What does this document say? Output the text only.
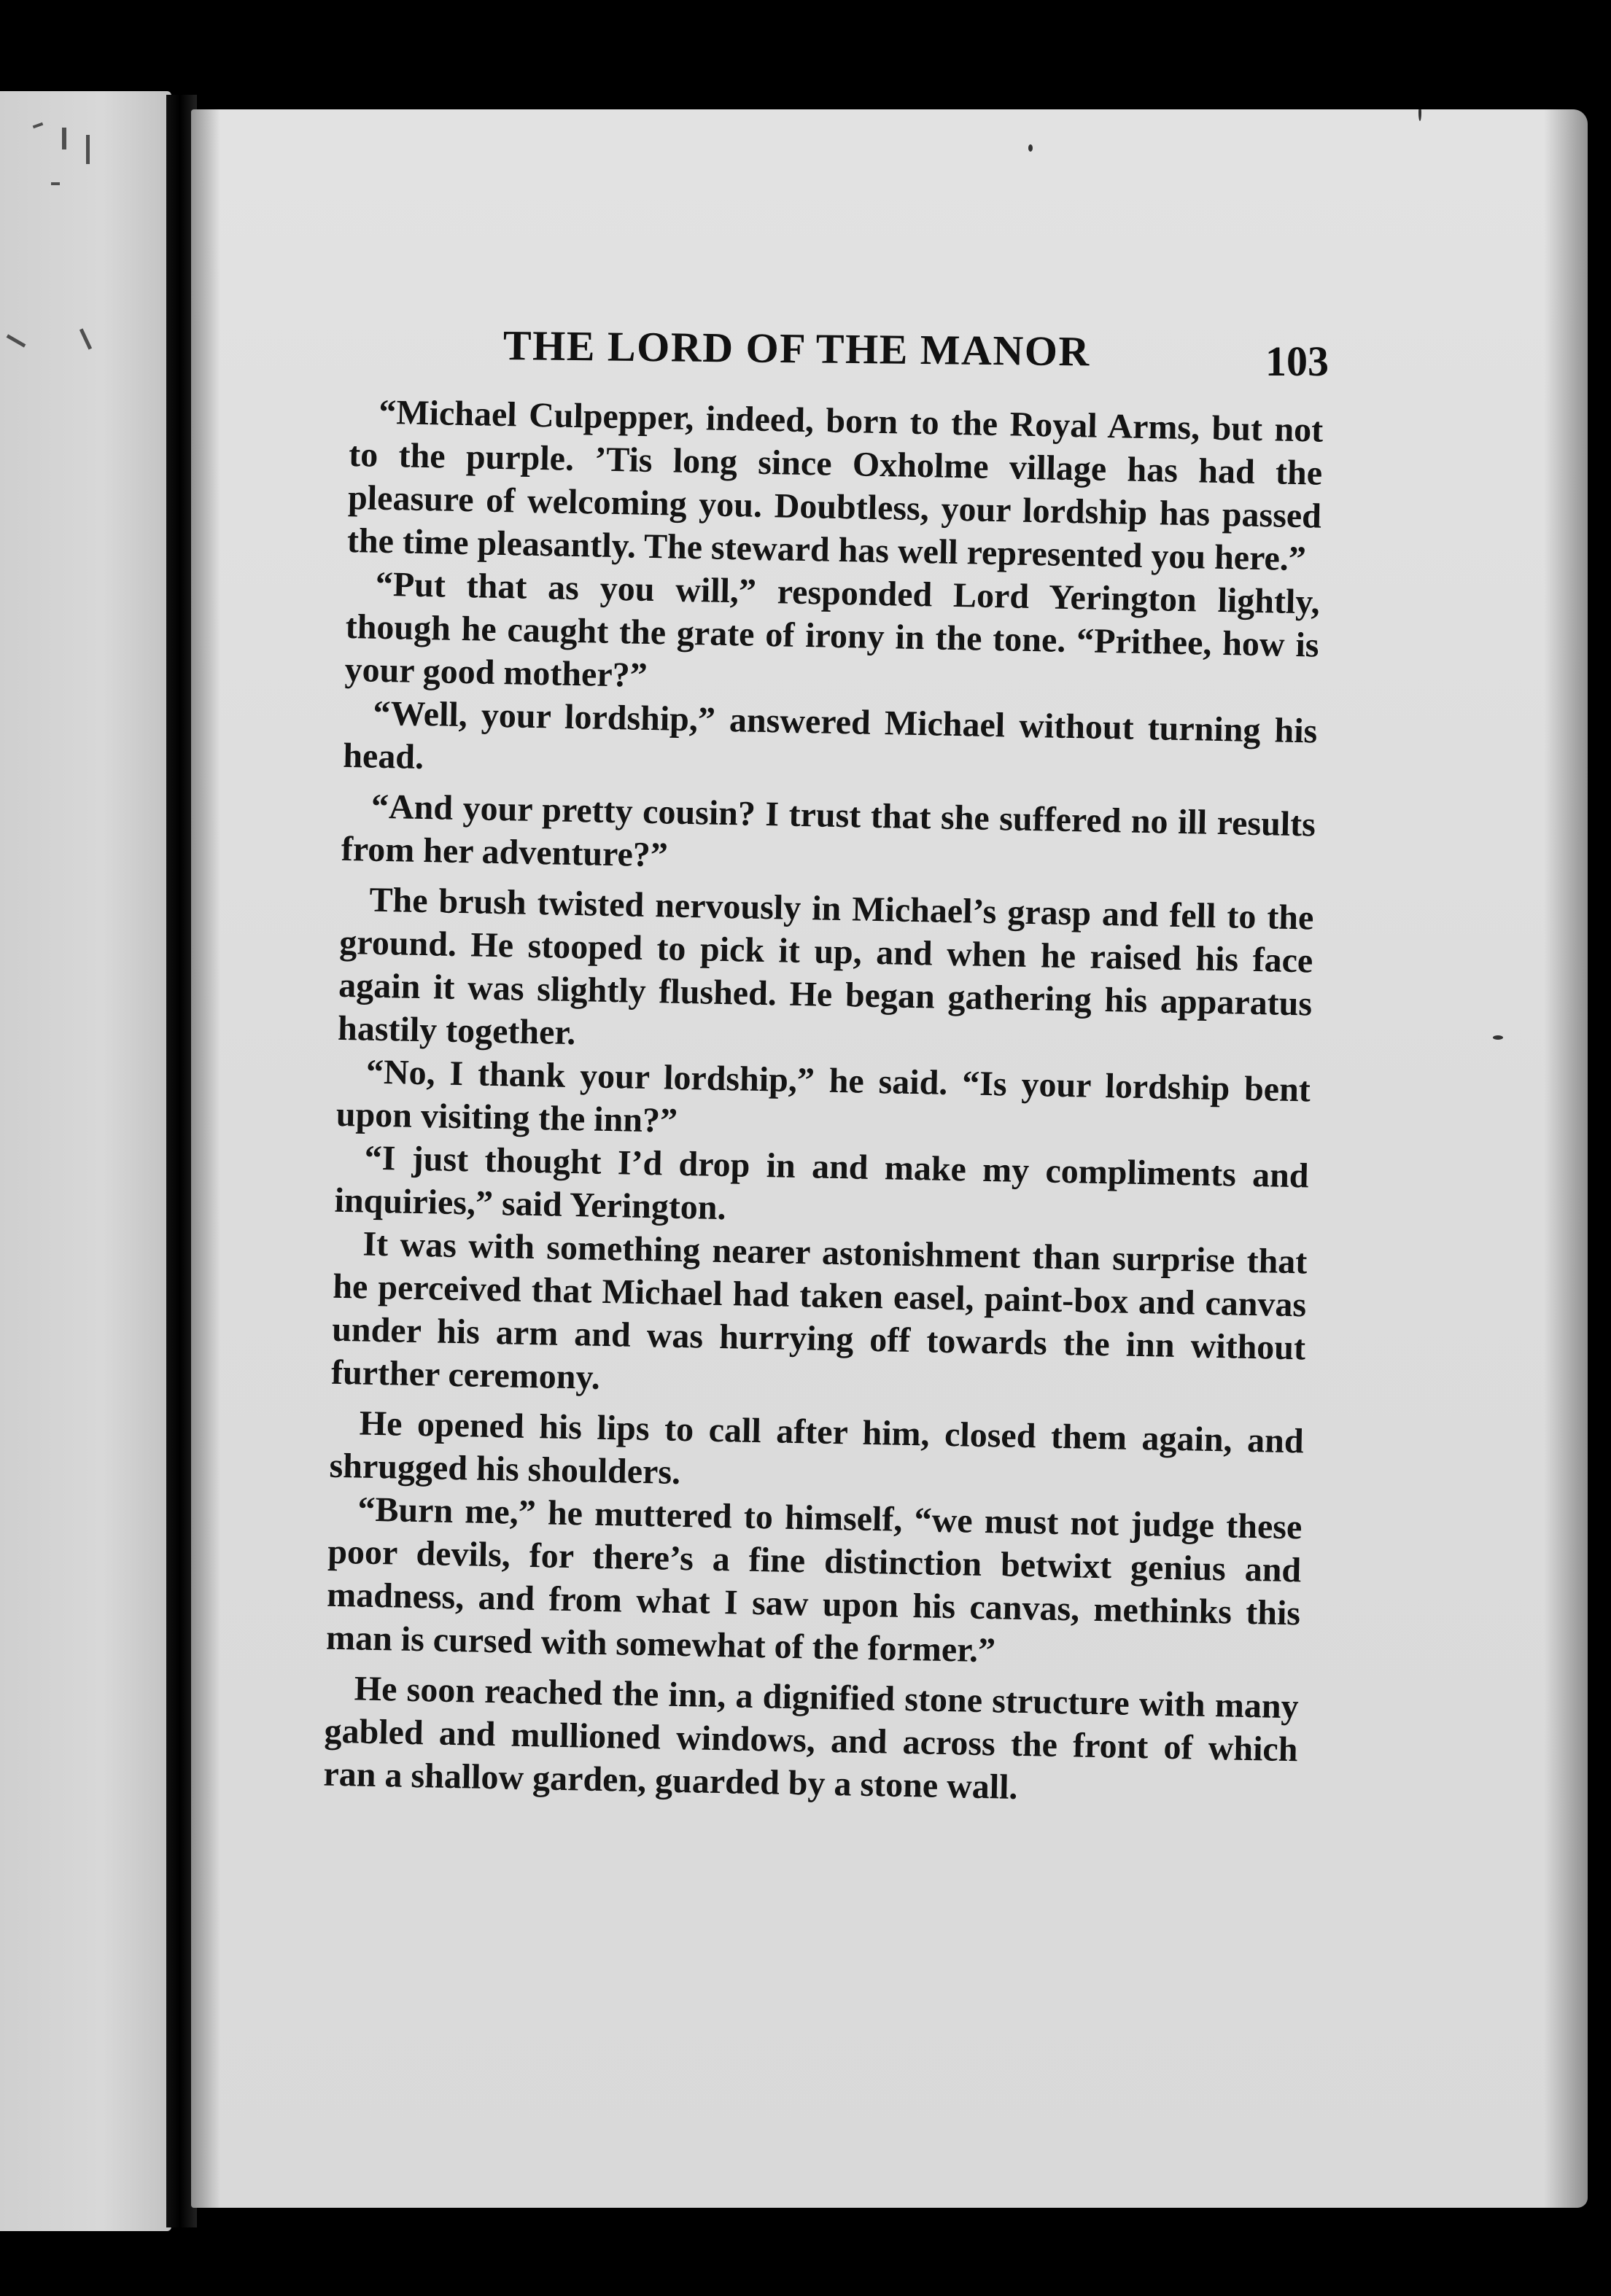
THE LORD OF THE MANOR	103

“Michael Culpepper, indeed, born to the Royal Arms, but not to the purple. ’Tis long since Oxholme village has had the pleasure of welcoming you. Doubtless, your lordship has passed the time pleasantly. The steward has well represented you here.”

“Put that as you will,” responded Lord Yerington lightly, though he caught the grate of irony in the tone. “Prithee, how is your good mother?”

“Well, your lordship,” answered Michael without turning his head.

“And your pretty cousin? I trust that she suffered no ill results from her adventure?”

The brush twisted nervously in Michael’s grasp and fell to the ground. He stooped to pick it up, and when he raised his face again it was slightly flushed. He began gathering his apparatus hastily together.

“No, I thank your lordship,” he said. “Is your lordship bent upon visiting the inn?”

“I just thought I’d drop in and make my compliments and inquiries,” said Yerington.

It was with something nearer astonishment than surprise that he perceived that Michael had taken easel, paint-box and canvas under his arm and was hurrying off towards the inn without further ceremony.

He opened his lips to call after him, closed them again, and shrugged his shoulders.

“Burn me,” he muttered to himself, “we must not judge these poor devils, for there’s a fine distinction betwixt genius and madness, and from what I saw upon his canvas, methinks this man is cursed with somewhat of the former.”

He soon reached the inn, a dignified stone structure with many gabled and mullioned windows, and across the front of which ran a shallow garden, guarded by a stone wall.
